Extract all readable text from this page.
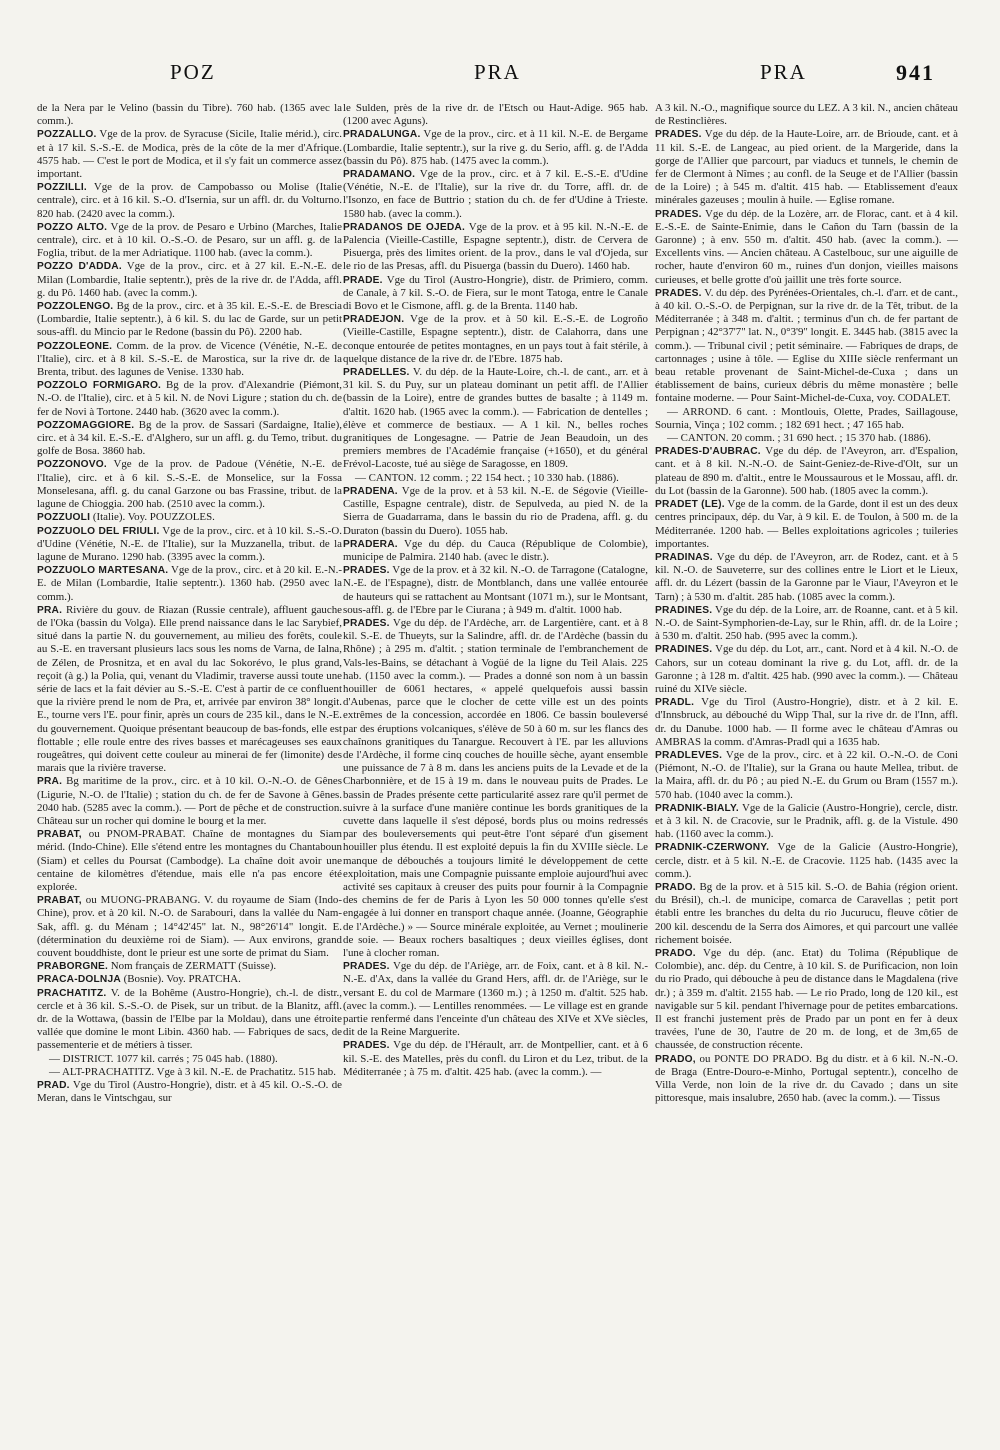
POZ	PRA	PRA	941

de la Nera par le Velino (bassin du Tibre). 760 hab. (1365 avec la comm.).

POZZALLO. Vge de la prov. de Syracuse (Sicile, Italie mérid.), circ. et à 17 kil. S.-S.-E. de Modica, près de la côte de la mer d'Afrique. 4575 hab. — C'est le port de Modica, et il s'y fait un commerce assez important.

POZZILLI. Vge de la prov. de Campobasso ou Molise (Italie centrale), circ. et à 16 kil. S.-O. d'Isernia, sur un affl. dr. du Volturno. 820 hab. (2420 avec la comm.).

POZZO ALTO. Vge de la prov. de Pesaro e Urbino (Marches, Italie centrale), circ. et à 10 kil. O.-S.-O. de Pesaro, sur un affl. g. de la Foglia, tribut. de la mer Adriatique. 1100 hab. (avec la comm.).

POZZO D'ADDA. Vge de la prov., circ. et à 27 kil. E.-N.-E. de Milan (Lombardie, Italie septentr.), près de la rive dr. de l'Adda, affl. g. du Pô. 1460 hab. (avec la comm.).

POZZOLENGO. Bg de la prov., circ. et à 35 kil. E.-S.-E. de Brescia (Lombardie, Italie septentr.), à 6 kil. S. du lac de Garde, sur un petit sous-affl. du Mincio par le Redone (bassin du Pô). 2200 hab.

POZZOLEONE. Comm. de la prov. de Vicence (Vénétie, N.-E. de l'Italie), circ. et à 8 kil. S.-S.-E. de Marostica, sur la rive dr. de la Brenta, tribut. des lagunes de Venise. 1330 hab.

POZZOLO FORMIGARO. Bg de la prov. d'Alexandrie (Piémont, N.-O. de l'Italie), circ. et à 5 kil. N. de Novi Ligure ; station du ch. de fer de Novi à Tortone. 2440 hab. (3620 avec la comm.).

POZZOMAGGIORE. Bg de la prov. de Sassari (Sardaigne, Italie), circ. et à 34 kil. E.-S.-E. d'Alghero, sur un affl. g. du Temo, tribut. du golfe de Bosa. 3860 hab.

POZZONOVO. Vge de la prov. de Padoue (Vénétie, N.-E. de l'Italie), circ. et à 6 kil. S.-S.-E. de Monselice, sur la Fossa Monselesana, affl. g. du canal Garzone ou bas Frassine, tribut. de la lagune de Chioggia. 200 hab. (2510 avec la comm.).

POZZUOLI (Italie). Voy. POUZZOLES.

POZZUOLO DEL FRIULI. Vge de la prov., circ. et à 10 kil. S.-S.-O. d'Udine (Vénétie, N.-E. de l'Italie), sur la Muzzanella, tribut. de la lagune de Murano. 1290 hab. (3395 avec la comm.).

POZZUOLO MARTESANA. Vge de la prov., circ. et à 20 kil. E.-N.-E. de Milan (Lombardie, Italie septentr.). 1360 hab. (2950 avec la comm.).

PRA. Rivière du gouv. de Riazan (Russie centrale), affluent gauche de l'Oka (bassin du Volga). Elle prend naissance dans le lac Sarybief, situé dans la partie N. du gouvernement, au milieu des forêts, coule au S.-E. en traversant plusieurs lacs sous les noms de Varna, de Ialna, de Zélen, de Prosnitza, et en aval du lac Sokorévo, le plus grand, reçoit (à g.) la Polia, qui, venant du Vladimir, traverse aussi toute une série de lacs et la fait dévier au S.-S.-E. C'est à partir de ce confluent que la rivière prend le nom de Pra, et, arrivée par environ 38° longit. E., tourne vers l'E. pour finir, après un cours de 235 kil., dans le N.-E. du gouvernement. Quoique présentant beaucoup de bas-fonds, elle est flottable ; elle roule entre des rives basses et marécageuses ses eaux rougeâtres, qui doivent cette couleur au minerai de fer (limonite) des marais que la rivière traverse.

PRA. Bg maritime de la prov., circ. et à 10 kil. O.-N.-O. de Gênes (Ligurie, N.-O. de l'Italie) ; station du ch. de fer de Savone à Gênes. 2040 hab. (5285 avec la comm.). — Port de pêche et de construction. Château sur un rocher qui domine le bourg et la mer.

PRABAT, ou PNOM-PRABAT. Chaîne de montagnes du Siam mérid. (Indo-Chine). Elle s'étend entre les montagnes du Chantaboun (Siam) et celles du Poursat (Cambodge). La chaîne doit avoir une centaine de kilomètres d'étendue, mais elle n'a pas encore été explorée.

PRABAT, ou MUONG-PRABANG. V. du royaume de Siam (Indo-Chine), prov. et à 20 kil. N.-O. de Sarabouri, dans la vallée du Nam-Sak, affl. g. du Ménam ; 14°42'45" lat. N., 98°26'14" longit. E. (détermination du deuxième roi de Siam). — Aux environs, grand couvent bouddhiste, dont le prieur est une sorte de primat du Siam.

PRABORGNE. Nom français de ZERMATT (Suisse).

PRACA-DOLNJA (Bosnie). Voy. PRATCHA.

PRACHATITZ. V. de la Bohême (Austro-Hongrie), ch.-l. de distr., cercle et à 36 kil. S.-S.-O. de Pisek, sur un tribut. de la Blanitz, affl. dr. de la Wottawa, (bassin de l'Elbe par la Moldau), dans une étroite vallée que domine le mont Libin. 4360 hab. — Fabriques de sacs, de passementerie et de métiers à tisser.

— DISTRICT. 1077 kil. carrés ; 75 045 hab. (1880).

— ALT-PRACHATITZ. Vge à 3 kil. N.-E. de Prachatitz. 515 hab.

PRAD. Vge du Tirol (Austro-Hongrie), distr. et à 45 kil. O.-S.-O. de Meran, dans le Vintschgau, sur

le Sulden, près de la rive dr. de l'Etsch ou Haut-Adige. 965 hab. (1200 avec Aguns).

PRADALUNGA. Vge de la prov., circ. et à 11 kil. N.-E. de Bergame (Lombardie, Italie septentr.), sur la rive g. du Serio, affl. g. de l'Adda (bassin du Pô). 875 hab. (1475 avec la comm.).

PRADAMANO. Vge de la prov., circ. et à 7 kil. E.-S.-E. d'Udine (Vénétie, N.-E. de l'Italie), sur la rive dr. du Torre, affl. dr. de l'Isonzo, en face de Buttrio ; station du ch. de fer d'Udine à Trieste. 1580 hab. (avec la comm.).

PRADANOS DE OJEDA. Vge de la prov. et à 95 kil. N.-N.-E. de Palencia (Vieille-Castille, Espagne septentr.), distr. de Cervera de Pisuerga, près des limites orient. de la prov., dans le val d'Ojeda, sur le rio de las Presas, affl. du Pisuerga (bassin du Duero). 1460 hab.

PRADE. Vge du Tirol (Austro-Hongrie), distr. de Primiero, comm. de Canale, à 7 kil. S.-O. de Fiera, sur le mont Tatoga, entre le Canale di Bovo et le Cismone, affl. g. de la Brenta. 1140 hab.

PRADEJON. Vge de la prov. et à 50 kil. E.-S.-E. de Logroño (Vieille-Castille, Espagne septentr.), distr. de Calahorra, dans une conque entourée de petites montagnes, en un pays tout à fait stérile, à quelque distance de la rive dr. de l'Ebre. 1875 hab.

PRADELLES. V. du dép. de la Haute-Loire, ch.-l. de cant., arr. et à 31 kil. S. du Puy, sur un plateau dominant un petit affl. de l'Allier (bassin de la Loire), entre de grandes buttes de basalte ; à 1149 m. d'altit. 1620 hab. (1965 avec la comm.). — Fabrication de dentelles ; élève et commerce de bestiaux. — A 1 kil. N., belles roches granitiques de Longesagne. — Patrie de Jean Beaudoin, un des premiers membres de l'Académie française (+1650), et du général Frévol-Lacoste, tué au siège de Saragosse, en 1809.

— CANTON. 12 comm. ; 22 154 hect. ; 10 330 hab. (1886).

PRADENA. Vge de la prov. et à 53 kil. N.-E. de Ségovie (Vieille-Castille, Espagne centrale), distr. de Sepulveda, au pied N. de la Sierra de Guadarrama, dans le bassin du rio de Pradena, affl. g. du Duraton (bassin du Duero). 1055 hab.

PRADERA. Vge du dép. du Cauca (République de Colombie), municipe de Palmira. 2140 hab. (avec le distr.).

PRADES. Vge de la prov. et à 32 kil. N.-O. de Tarragone (Catalogne, N.-E. de l'Espagne), distr. de Montblanch, dans une vallée entourée de hauteurs qui se rattachent au Montsant (1071 m.), sur le Montsant, sous-affl. g. de l'Ebre par le Ciurana ; à 949 m. d'altit. 1000 hab.

PRADES. Vge du dép. de l'Ardèche, arr. de Largentière, cant. et à 8 kil. S.-E. de Thueyts, sur la Salindre, affl. dr. de l'Ardèche (bassin du Rhône) ; à 295 m. d'altit. ; station terminale de l'embranchement de Vals-les-Bains, se détachant à Vogüé de la ligne du Teil Alais. 225 hab. (1150 avec la comm.). — Prades a donné son nom à un bassin houiller de 6061 hectares, « appelé quelquefois aussi bassin d'Aubenas, parce que le clocher de cette ville est un des points extrêmes de la concession, accordée en 1806. Ce bassin bouleversé par des éruptions volcaniques, s'élève de 50 à 60 m. sur les flancs des chaînons granitiques du Tanargue. Recouvert à l'E. par les alluvions de l'Ardèche, il forme cinq couches de houille sèche, ayant ensemble une puissance de 7 à 8 m. dans les anciens puits de la Levade et de la Charbonnière, et de 15 à 19 m. dans le nouveau puits de Prades. Le bassin de Prades présente cette particularité assez rare qu'il permet de suivre à la surface d'une manière continue les bords granitiques de la cuvette dans laquelle il s'est déposé, bords plus ou moins redressés par des bouleversements qui peut-être l'ont séparé d'un gisement houiller plus étendu. Il est exploité depuis la fin du XVIIIe siècle. Le manque de débouchés a toujours limité le développement de cette exploitation, mais une Compagnie puissante emploie aujourd'hui avec activité ses capitaux à creuser des puits pour fournir à la Compagnie des chemins de fer de Paris à Lyon les 50 000 tonnes qu'elle s'est engagée à lui donner en transport chaque année. (Joanne, Géographie de l'Ardèche.) » — Source minérale exploitée, au Vernet ; moulinerie de soie. — Beaux rochers basaltiques ; deux vieilles églises, dont l'une à clocher roman.

PRADES. Vge du dép. de l'Ariège, arr. de Foix, cant. et à 8 kil. N.-N.-E. d'Ax, dans la vallée du Grand Hers, affl. dr. de l'Ariège, sur le versant E. du col de Marmare (1360 m.) ; à 1250 m. d'altit. 525 hab. (avec la comm.). — Lentilles renommées. — Le village est en grande partie renfermé dans l'enceinte d'un château des XIVe et XVe siècles, dit de la Reine Marguerite.

PRADES. Vge du dép. de l'Hérault, arr. de Montpellier, cant. et à 6 kil. S.-E. des Matelles, près du confl. du Liron et du Lez, tribut. de la Méditerranée ; à 75 m. d'altit. 425 hab. (avec la comm.). —

A 3 kil. N.-O., magnifique source du LEZ. A 3 kil. N., ancien château de Restinclières.

PRADES. Vge du dép. de la Haute-Loire, arr. de Brioude, cant. et à 11 kil. S.-E. de Langeac, au pied orient. de la Margeride, dans la gorge de l'Allier que parcourt, par viaducs et tunnels, le chemin de fer de Clermont à Nîmes ; au confl. de la Seuge et de l'Allier (bassin de la Loire) ; à 545 m. d'altit. 415 hab. — Etablissement d'eaux minérales gazeuses ; moulin à huile. — Eglise romane.

PRADES. Vge du dép. de la Lozère, arr. de Florac, cant. et à 4 kil. E.-S.-E. de Sainte-Enimie, dans le Cañon du Tarn (bassin de la Garonne) ; à env. 550 m. d'altit. 450 hab. (avec la comm.). — Excellents vins. — Ancien château. A Castelbouc, sur une aiguille de rocher, haute d'environ 60 m., ruines d'un donjon, vieilles maisons curieuses, et belle grotte d'où jaillit une très forte source.

PRADES. V. du dép. des Pyrénées-Orientales, ch.-l. d'arr. et de cant., à 40 kil. O.-S.-O. de Perpignan, sur la rive dr. de la Têt, tribut. de la Méditerranée ; à 348 m. d'altit. ; terminus d'un ch. de fer partant de Perpignan ; 42°37'7" lat. N., 0°3'9" longit. E. 3445 hab. (3815 avec la comm.). — Tribunal civil ; petit séminaire. — Fabriques de draps, de cartonnages ; usine à tôle. — Eglise du XIIIe siècle renfermant un beau retable provenant de Saint-Michel-de-Cuxa ; dans un établissement de bains, curieux débris du même monastère ; belle fontaine moderne. — Pour Saint-Michel-de-Cuxa, voy. CODALET.

— ARROND. 6 cant. : Montlouis, Olette, Prades, Saillagouse, Sournia, Vinça ; 102 comm. ; 182 691 hect. ; 47 165 hab.

— CANTON. 20 comm. ; 31 690 hect. ; 15 370 hab. (1886).

PRADES-D'AUBRAC. Vge du dép. de l'Aveyron, arr. d'Espalion, cant. et à 8 kil. N.-N.-O. de Saint-Geniez-de-Rive-d'Olt, sur un plateau de 890 m. d'altit., entre le Moussaurous et le Mossau, affl. dr. du Lot (bassin de la Garonne). 500 hab. (1805 avec la comm.).

PRADET (LE). Vge de la comm. de la Garde, dont il est un des deux centres principaux, dép. du Var, à 9 kil. E. de Toulon, à 500 m. de la Méditerranée. 1200 hab. — Belles exploitations agricoles ; tuileries importantes.

PRADINAS. Vge du dép. de l'Aveyron, arr. de Rodez, cant. et à 5 kil. N.-O. de Sauveterre, sur des collines entre le Liort et le Lieux, affl. dr. du Lézert (bassin de la Garonne par le Viaur, l'Aveyron et le Tarn) ; à 530 m. d'altit. 285 hab. (1085 avec la comm.).

PRADINES. Vge du dép. de la Loire, arr. de Roanne, cant. et à 5 kil. N.-O. de Saint-Symphorien-de-Lay, sur le Rhin, affl. dr. de la Loire ; à 530 m. d'altit. 250 hab. (995 avec la comm.).

PRADINES. Vge du dép. du Lot, arr., cant. Nord et à 4 kil. N.-O. de Cahors, sur un coteau dominant la rive g. du Lot, affl. dr. de la Garonne ; à 128 m. d'altit. 425 hab. (990 avec la comm.). — Château ruiné du XIVe siècle.

PRADL. Vge du Tirol (Austro-Hongrie), distr. et à 2 kil. E. d'Innsbruck, au débouché du Wipp Thal, sur la rive dr. de l'Inn, affl. dr. du Danube. 1000 hab. — Il forme avec le château d'Amras ou AMBRAS la comm. d'Amras-Pradl qui a 1635 hab.

PRADLEVES. Vge de la prov., circ. et à 22 kil. O.-N.-O. de Coni (Piémont, N.-O. de l'Italie), sur la Grana ou haute Mellea, tribut. de la Maira, affl. dr. du Pô ; au pied N.-E. du Grum ou Bram (1557 m.). 570 hab. (1040 avec la comm.).

PRADNIK-BIALY. Vge de la Galicie (Austro-Hongrie), cercle, distr. et à 3 kil. N. de Cracovie, sur le Pradnik, affl. g. de la Vistule. 490 hab. (1160 avec la comm.).

PRADNIK-CZERWONY. Vge de la Galicie (Austro-Hongrie), cercle, distr. et à 5 kil. N.-E. de Cracovie. 1125 hab. (1435 avec la comm.).

PRADO. Bg de la prov. et à 515 kil. S.-O. de Bahia (région orient. du Brésil), ch.-l. de municipe, comarca de Caravellas ; petit port établi entre les branches du delta du rio Jucurucu, fleuve côtier de 200 kil. descendu de la Serra dos Aimores, et qui parcourt une vallée richement boisée.

PRADO. Vge du dép. (anc. Etat) du Tolima (République de Colombie), anc. dép. du Centre, à 10 kil. S. de Purificacion, non loin du rio Prado, qui débouche à peu de distance dans le Magdalena (rive dr.) ; à 359 m. d'altit. 2155 hab. — Le rio Prado, long de 120 kil., est navigable sur 5 kil. pendant l'hivernage pour de petites embarcations. Il est franchi justement près de Prado par un pont en fer à deux travées, l'une de 30, l'autre de 20 m. de long, et de 3m,65 de chaussée, de construction récente.

PRADO, ou PONTE DO PRADO. Bg du distr. et à 6 kil. N.-N.-O. de Braga (Entre-Douro-e-Minho, Portugal septentr.), concelho de Villa Verde, non loin de la rive dr. du Cavado ; dans un site pittoresque, mais insalubre, 2650 hab. (avec la comm.). — Tissus
